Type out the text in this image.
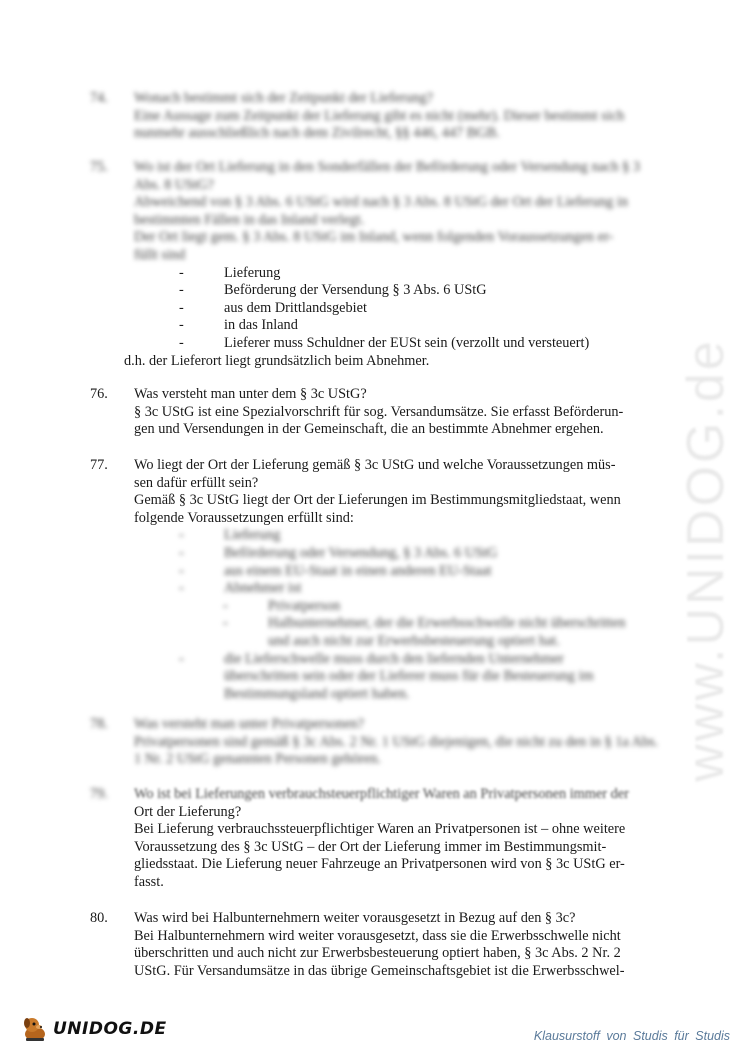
www.UNIDOG.de
74.	Wonach bestimmt sich der Zeitpunkt der Lieferung?
Eine Aussage zum Zeitpunkt der Lieferung gibt es nicht (mehr). Dieser bestimmt sich nunmehr ausschließlich nach dem Zivilrecht, §§ 446, 447 BGB.
75.	Wo ist der Ort Lieferung in den Sonderfällen der Beförderung oder Versendung nach § 3 Abs. 8 UStG?
Abweichend von § 3 Abs. 6 UStG wird nach § 3 Abs. 8 UStG der Ort der Lieferung in bestimmten Fällen in das Inland verlegt.
Der Ort liegt gem. § 3 Abs. 8 UStG im Inland, wenn folgenden Voraussetzungen er-
füllt sind
-	Lieferung
-	Beförderung der Versendung § 3 Abs. 6 UStG
-	aus dem Drittlandsgebiet
-	in das Inland
-	Lieferer muss Schuldner der EUSt sein (verzollt und versteuert)
d.h. der Lieferort liegt grundsätzlich beim Abnehmer.
76.	Was versteht man unter dem § 3c UStG?
§ 3c UStG ist eine Spezialvorschrift für sog. Versandumsätze. Sie erfasst Beförderun-
gen und Versendungen in der Gemeinschaft, die an bestimmte Abnehmer ergehen.
77.	Wo liegt der Ort der Lieferung gemäß § 3c UStG und welche Voraussetzungen müs-
sen dafür erfüllt sein?
Gemäß § 3c UStG liegt der Ort der Lieferungen im Bestimmungsmitgliedstaat, wenn
folgende Voraussetzungen erfüllt sind:
-	Lieferung
-	Beförderung oder Versendung, § 3 Abs. 6 UStG
-	aus einem EU-Staat in einen anderen EU-Staat
-	Abnehmer ist
-	Privatperson
-	Halbunternehmer, der die Erwerbsschwelle nicht überschritten
und auch nicht zur Erwerbsbesteuerung optiert hat.
-	die Lieferschwelle muss durch den liefernden Unternehmer
überschritten sein oder der Lieferer muss für die Besteuerung im
Bestimmungsland optiert haben.
78.	Was versteht man unter Privatpersonen?
Privatpersonen sind gemäß § 3c Abs. 2 Nr. 1 UStG diejenigen, die nicht zu den in § 1a Abs. 1 Nr. 2 UStG genannten Personen gehören.
79.	Wo ist bei Lieferungen verbrauchsteuerpflichtiger Waren an Privatpersonen immer der
Ort der Lieferung?
Bei Lieferung verbrauchssteuerpflichtiger Waren an Privatpersonen ist – ohne weitere
Voraussetzung des § 3c UStG – der Ort der Lieferung immer im Bestimmungsmit-
gliedsstaat. Die Lieferung neuer Fahrzeuge an Privatpersonen wird von § 3c UStG er-
fasst.
80.	Was wird bei Halbunternehmern weiter vorausgesetzt in Bezug auf den § 3c?
Bei Halbunternehmern wird weiter vorausgesetzt, dass sie die Erwerbsschwelle nicht
überschritten und auch nicht zur Erwerbsbesteuerung optiert haben, § 3c Abs. 2 Nr. 2
UStG. Für Versandumsätze in das übrige Gemeinschaftsgebiet ist die Erwerbsschwel-
UNIDOG.DE	Klausurstoff von Studis für Studis
